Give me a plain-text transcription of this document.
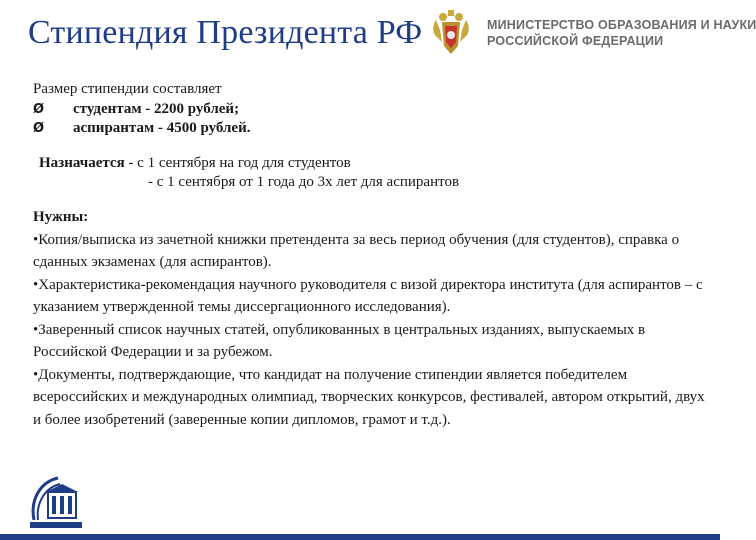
Стипендия Президента РФ	МИНИСТЕРСТВО ОБРАЗОВАНИЯ И НАУКИ
РОССИЙСКОЙ ФЕДЕРАЦИИ
Размер стипендии составляет
Ø	студентам - 2200 рублей;
Ø	аспирантам - 4500 рублей.
Назначается - с 1 сентября на год для студентов
- с 1 сентября от 1 года до 3х лет для аспирантов

Нужны:

•Копия/выписка из зачетной книжки претендента за весь период обучения (для студентов), справка о сданных экзаменах (для аспирантов).

•Характеристика-рекомендация научного руководителя с визой директора института (для аспирантов – с указанием утвержденной темы диссергационного исследования).

•Заверенный список научных статей, опубликованных в центральных изданиях, выпускаемых в Российской Федерации и за рубежом.

•Документы, подтверждающие, что кандидат на получение стипендии является победителем всероссийских и международных олимпиад, творческих конкурсов, фестивалей, автором открытий, двух и более изобретений (заверенные копии дипломов, грамот и т.д.).
